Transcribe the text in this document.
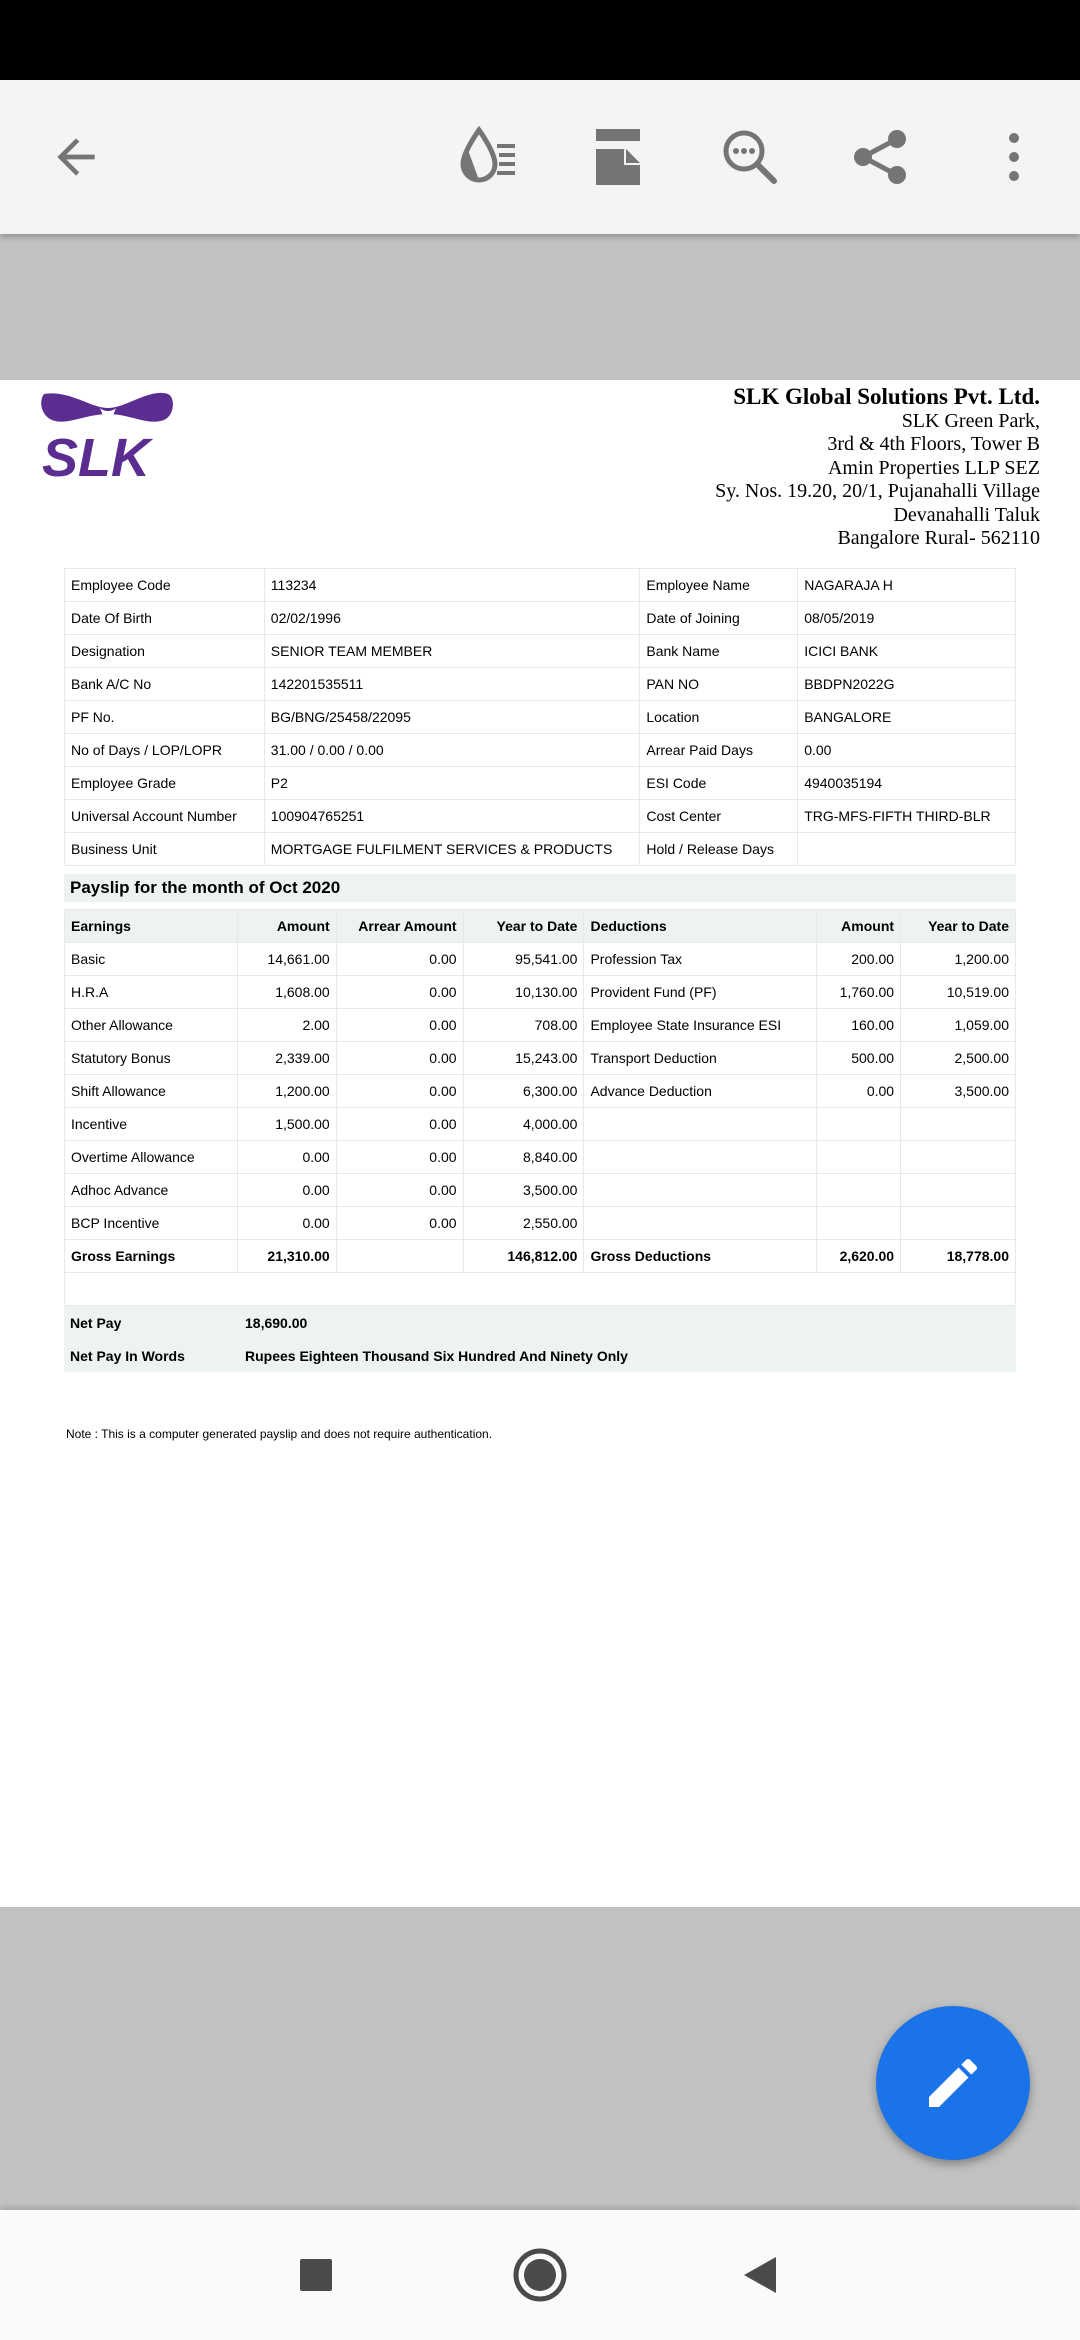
SLK
SLK Global Solutions Pvt. Ltd.
SLK Green Park,
3rd & 4th Floors, Tower B
Amin Properties LLP SEZ
Sy. Nos. 19.20, 20/1, Pujanahalli Village
Devanahalli Taluk
Bangalore Rural- 562110
Employee Code	113234	Employee Name	NAGARAJA H
Date Of Birth	02/02/1996	Date of Joining	08/05/2019
Designation	SENIOR TEAM MEMBER	Bank Name	ICICI BANK
Bank A/C No	142201535511	PAN NO	BBDPN2022G
PF No.	BG/BNG/25458/22095	Location	BANGALORE
No of Days / LOP/LOPR	31.00 / 0.00 / 0.00	Arrear Paid Days	0.00
Employee Grade	P2	ESI Code	4940035194
Universal Account Number	100904765251	Cost Center	TRG-MFS-FIFTH THIRD-BLR
Business Unit	MORTGAGE FULFILMENT SERVICES & PRODUCTS	Hold / Release Days	
Payslip for the month of Oct 2020
Earnings	Amount	Arrear Amount	Year to Date	Deductions	Amount	Year to Date
Basic	14,661.00	0.00	95,541.00	Profession Tax	200.00	1,200.00
H.R.A	1,608.00	0.00	10,130.00	Provident Fund (PF)	1,760.00	10,519.00
Other Allowance	2.00	0.00	708.00	Employee State Insurance ESI	160.00	1,059.00
Statutory Bonus	2,339.00	0.00	15,243.00	Transport Deduction	500.00	2,500.00
Shift Allowance	1,200.00	0.00	6,300.00	Advance Deduction	0.00	3,500.00
Incentive	1,500.00	0.00	4,000.00			
Overtime Allowance	0.00	0.00	8,840.00			
Adhoc Advance	0.00	0.00	3,500.00			
BCP Incentive	0.00	0.00	2,550.00			
Gross Earnings	21,310.00		146,812.00	Gross Deductions	2,620.00	18,778.00

Net Pay	18,690.00
Net Pay In Words	Rupees Eighteen Thousand Six Hundred And Ninety Only
Note : This is a computer generated payslip and does not require authentication.
